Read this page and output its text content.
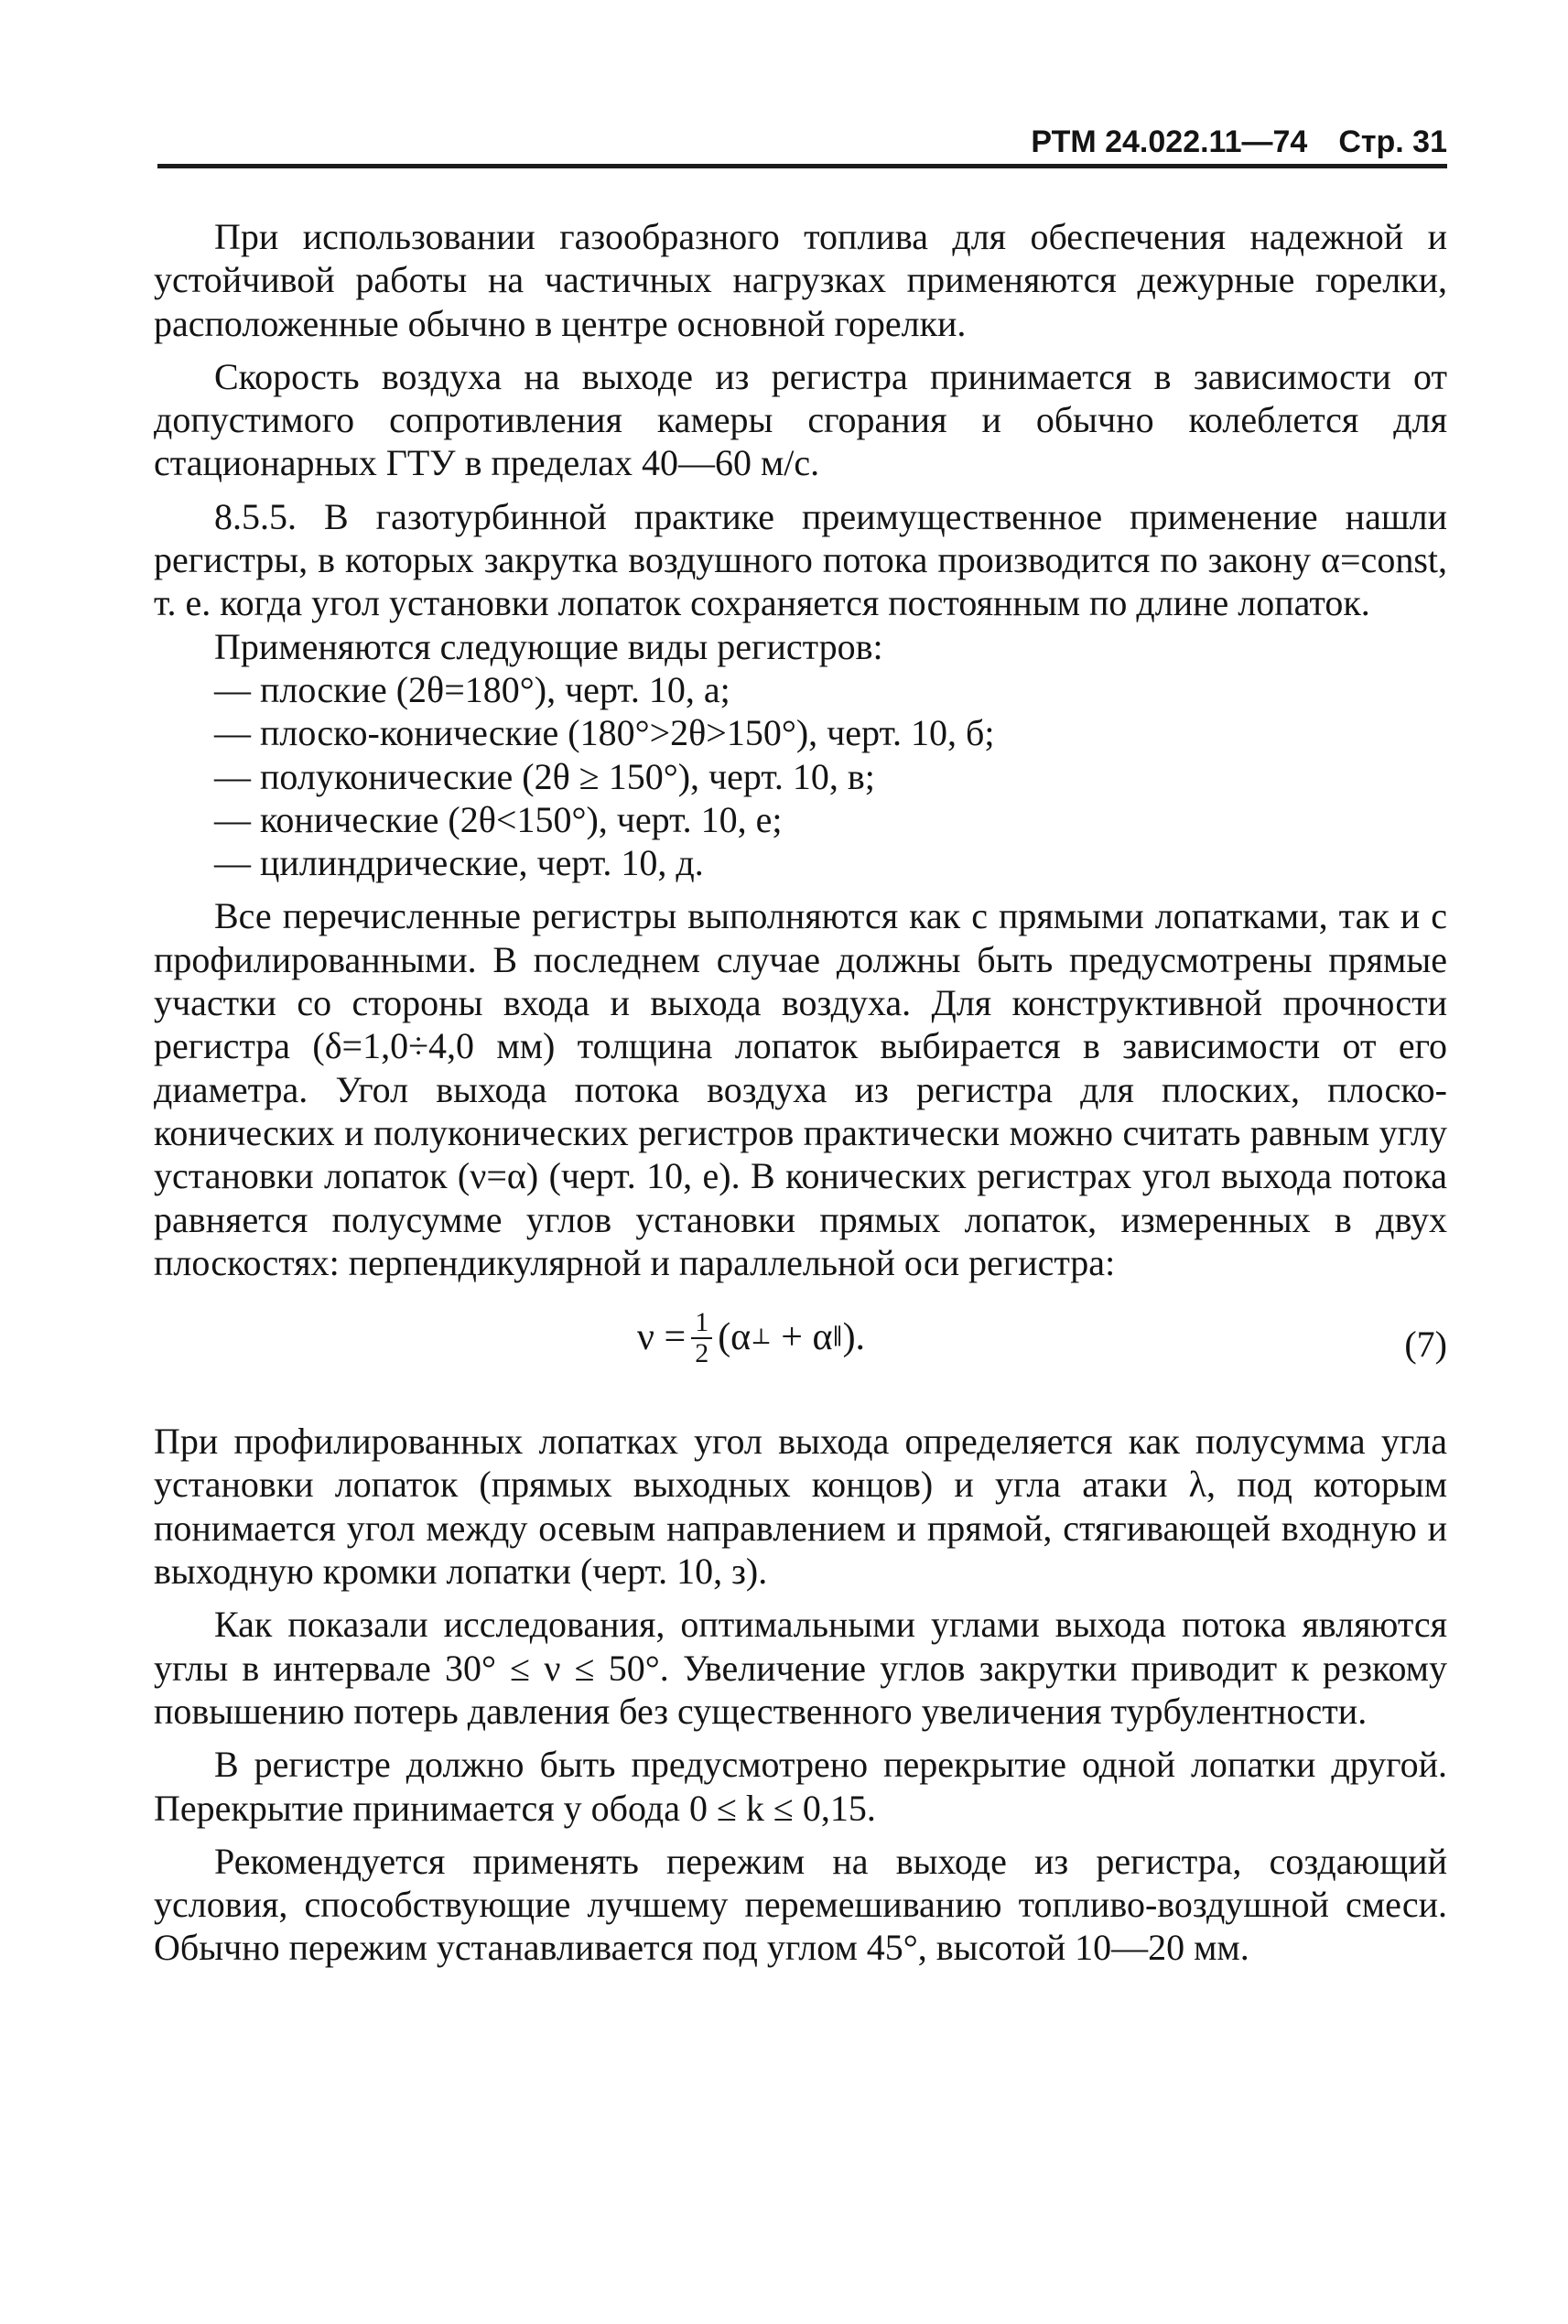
РТМ 24.022.11—74 Стр. 31

При использовании газообразного топлива для обеспечения надежной и устойчивой работы на частичных нагрузках применяются дежурные горелки, расположенные обычно в центре основной горелки.

Скорость воздуха на выходе из регистра принимается в зависимости от допустимого сопротивления камеры сгорания и обычно колеблется для стационарных ГТУ в пределах 40—60 м/с.

8.5.5. В газотурбинной практике преимущественное применение нашли регистры, в которых закрутка воздушного потока производится по закону α=const, т. е. когда угол установки лопаток сохраняется постоянным по длине лопаток.

Применяются следующие виды регистров:

— плоские (2θ=180°), черт. 10, а;
— плоско-конические (180°>2θ>150°), черт. 10, б;
— полуконические (2θ ≥ 150°), черт. 10, в;
— конические (2θ<150°), черт. 10, е;
— цилиндрические, черт. 10, д.

Все перечисленные регистры выполняются как с прямыми лопатками, так и с профилированными. В последнем случае должны быть предусмотрены прямые участки со стороны входа и выхода воздуха. Для конструктивной прочности регистра (δ=1,0÷4,0 мм) толщина лопаток выбирается в зависимости от его диаметра. Угол выхода потока воздуха из регистра для плоских, плоско-конических и полуконических регистров практически можно считать равным углу установки лопаток (ν=α) (черт. 10, е). В конических регистрах угол выхода потока равняется полусумме углов установки прямых лопаток, измеренных в двух плоскостях: перпендикулярной и параллельной оси регистра:

$\nu = \frac{1}{2} (\alpha$ ⊥ + α ∥ ).	(7)

При профилированных лопатках угол выхода определяется как полусумма угла установки лопаток (прямых выходных концов) и угла атаки λ, под которым понимается угол между осевым направлением и прямой, стягивающей входную и выходную кромки лопатки (черт. 10, з).

Как показали исследования, оптимальными углами выхода потока являются углы в интервале 30° ≤ ν ≤ 50°. Увеличение углов закрутки приводит к резкому повышению потерь давления без существенного увеличения турбулентности.

В регистре должно быть предусмотрено перекрытие одной лопатки другой. Перекрытие принимается у обода 0 ≤ k ≤ 0,15.

Рекомендуется применять пережим на выходе из регистра, создающий условия, способствующие лучшему перемешиванию топливо-воздушной смеси. Обычно пережим устанавливается под углом 45°, высотой 10—20 мм.
